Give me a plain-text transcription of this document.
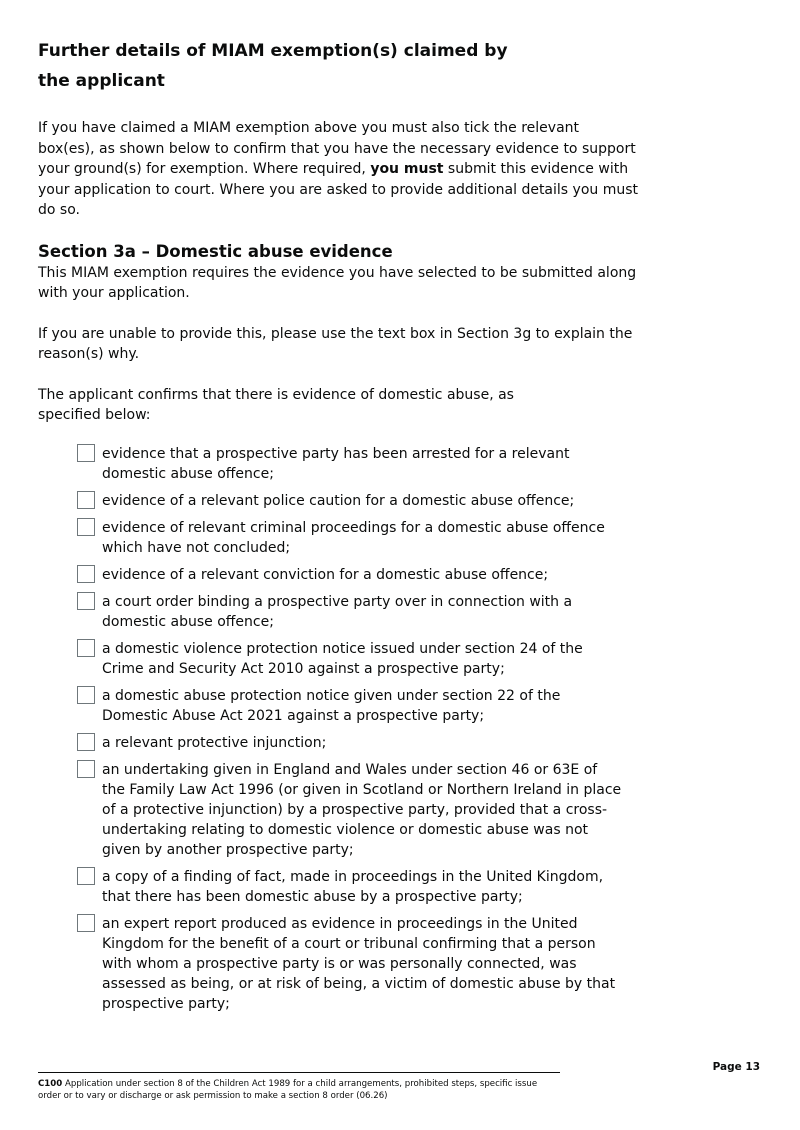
Further details of MIAM exemption(s) claimed by the applicant

If you have claimed a MIAM exemption above you must also tick the relevant box(es), as shown below to confirm that you have the necessary evidence to support your ground(s) for exemption. Where required, you must submit this evidence with your application to court. Where you are asked to provide additional details you must do so.

Section 3a – Domestic abuse evidence

This MIAM exemption requires the evidence you have selected to be submitted along with your application.

If you are unable to provide this, please use the text box in Section 3g to explain the reason(s) why.

The applicant confirms that there is evidence of domestic abuse, as specified below:

evidence that a prospective party has been arrested for a relevant domestic abuse offence;
evidence of a relevant police caution for a domestic abuse offence;
evidence of relevant criminal proceedings for a domestic abuse offence which have not concluded;
evidence of a relevant conviction for a domestic abuse offence;
a court order binding a prospective party over in connection with a domestic abuse offence;
a domestic violence protection notice issued under section 24 of the Crime and Security Act 2010 against a prospective party;
a domestic abuse protection notice given under section 22 of the Domestic Abuse Act 2021 against a prospective party;
a relevant protective injunction;
an undertaking given in England and Wales under section 46 or 63E of the Family Law Act 1996 (or given in Scotland or Northern Ireland in place of a protective injunction) by a prospective party, provided that a cross-undertaking relating to domestic violence or domestic abuse was not given by another prospective party;
a copy of a finding of fact, made in proceedings in the United Kingdom, that there has been domestic abuse by a prospective party;
an expert report produced as evidence in proceedings in the United Kingdom for the benefit of a court or tribunal confirming that a person with whom a prospective party is or was personally connected, was assessed as being, or at risk of being, a victim of domestic abuse by that prospective party;
Page 13
C100 Application under section 8 of the Children Act 1989 for a child arrangements, prohibited steps, specific issue order or to vary or discharge or ask permission to make a section 8 order (06.26)
